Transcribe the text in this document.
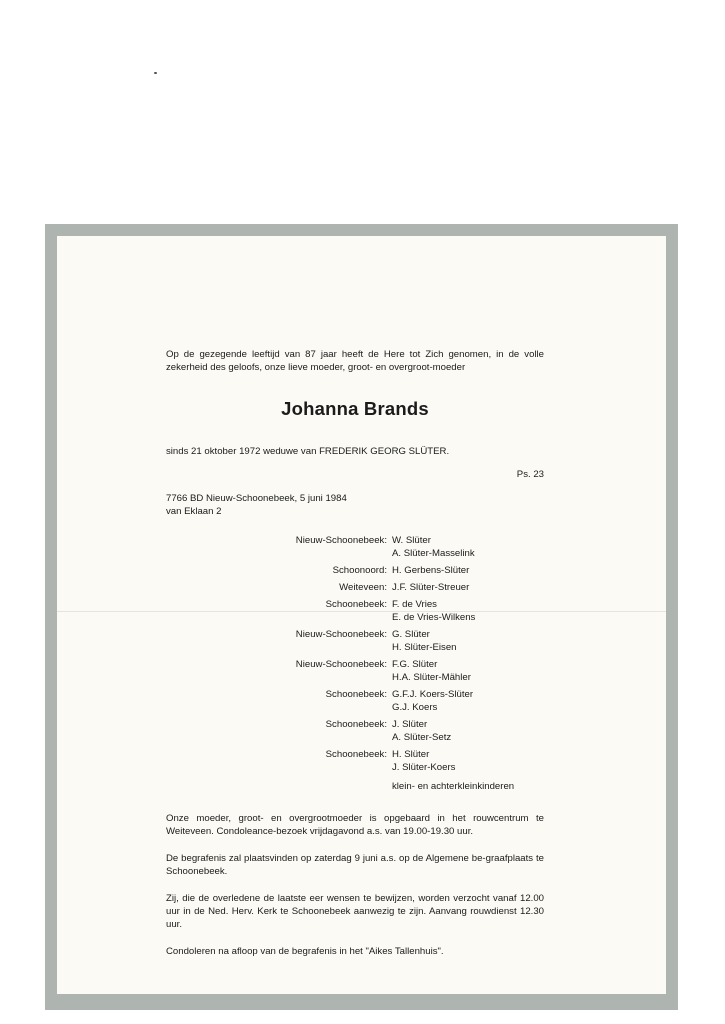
Op de gezegende leeftijd van 87 jaar heeft de Here tot Zich genomen, in de volle zekerheid des geloofs, onze lieve moeder, groot- en overgroot-moeder

Johanna Brands

sinds 21 oktober 1972 weduwe van FREDERIK GEORG SLÜTER.

Ps. 23

7766 BD Nieuw-Schoonebeek, 5 juni 1984
van Eklaan 2
Nieuw-Schoonebeek: W. Slüter
A. Slüter-Masselink
Schoonoord: H. Gerbens-Slüter
Weiteveen: J.F. Slüter-Streuer
Schoonebeek: F. de Vries
E. de Vries-Wilkens
Nieuw-Schoonebeek: G. Slüter
H. Slüter-Eisen
Nieuw-Schoonebeek: F.G. Slüter
H.A. Slüter-Mähler
Schoonebeek: G.F.J. Koers-Slüter
G.J. Koers
Schoonebeek: J. Slüter
A. Slüter-Setz
Schoonebeek: H. Slüter
J. Slüter-Koers
klein- en achterkleinkinderen

Onze moeder, groot- en overgrootmoeder is opgebaard in het rouwcentrum te Weiteveen. Condoleance-bezoek vrijdagavond a.s. van 19.00-19.30 uur.

De begrafenis zal plaatsvinden op zaterdag 9 juni a.s. op de Algemene be-graafplaats te Schoonebeek.

Zij, die de overledene de laatste eer wensen te bewijzen, worden verzocht vanaf 12.00 uur in de Ned. Herv. Kerk te Schoonebeek aanwezig te zijn. Aanvang rouwdienst 12.30 uur.

Condoleren na afloop van de begrafenis in het "Aikes Tallenhuis".
